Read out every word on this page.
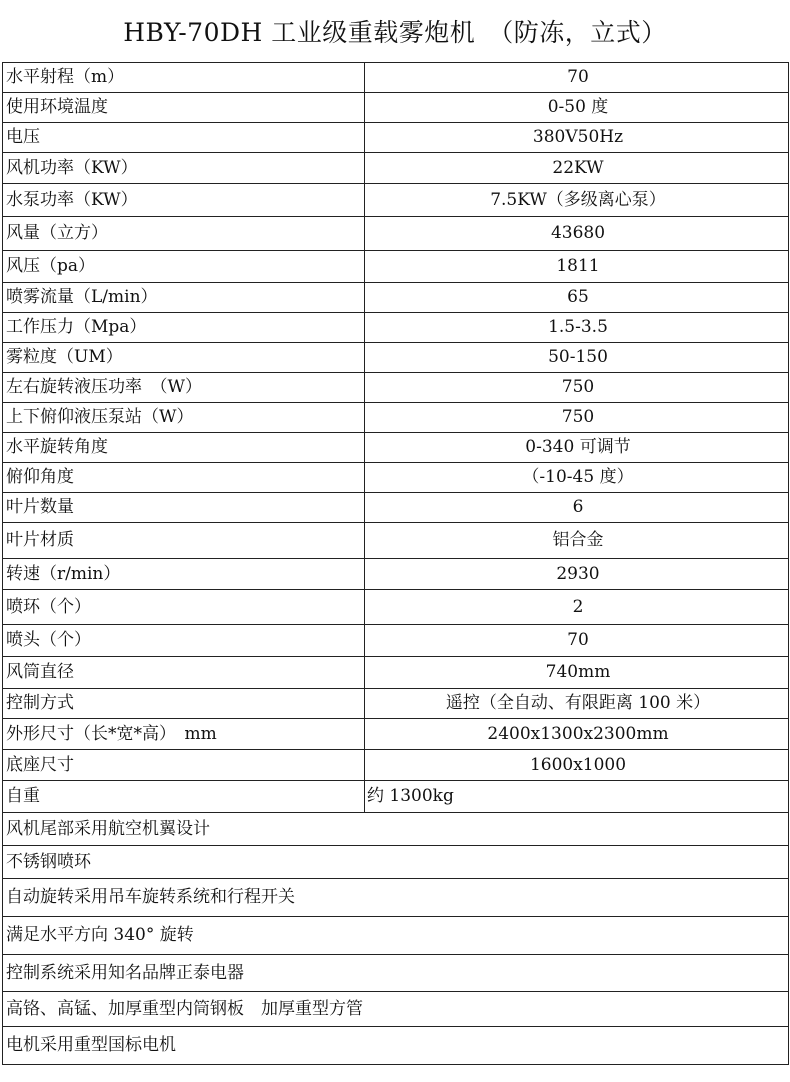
HBY-70DH 工业级重载雾炮机　（防冻，立式）
水平射程（m）	70
使用环境温度	0-50 度
电压	380V50Hz
风机功率（KW）	22KW
水泵功率（KW）	7.5KW（多级离心泵）
风量（立方）	43680
风压（pa）	1811
喷雾流量（L/min）	65
工作压力（Mpa）	1.5-3.5
雾粒度（UM）	50-150
左右旋转液压功率　（W）	750
上下俯仰液压泵站（W）	750
水平旋转角度	0-340 可调节
俯仰角度	（-10-45 度）
叶片数量	6
叶片材质	铝合金
转速（r/min）	2930
喷环（个）	2
喷头（个）	70
风筒直径	740mm
控制方式	遥控（全自动、有限距离 100 米）
外形尺寸（长*宽*高）　mm	2400x1300x2300mm
底座尺寸	1600x1000
自重	约 1300kg
风机尾部采用航空机翼设计	
不锈钢喷环	
自动旋转采用吊车旋转系统和行程开关	
满足水平方向 340° 旋转	
控制系统采用知名品牌正泰电器	
高铬、高锰、加厚重型内筒钢板　加厚重型方管	
电机采用重型国标电机	
